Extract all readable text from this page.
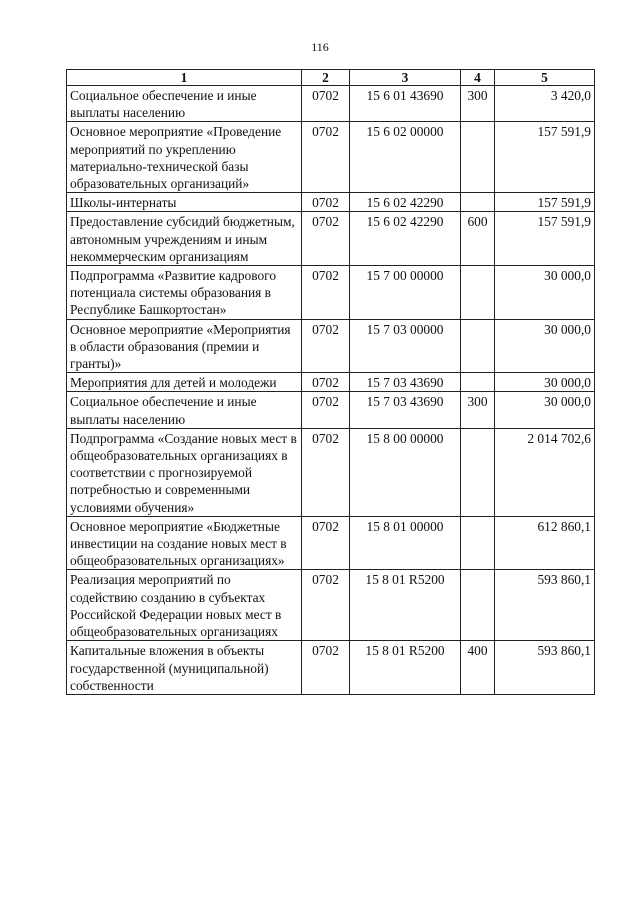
116
1	2	3	4	5
Социальное обеспечение и иные выплаты населению	0702	15 6 01 43690	300	3 420,0
Основное мероприятие «Проведение мероприятий по укреплению материально-технической базы образовательных организаций»	0702	15 6 02 00000		157 591,9
Школы-интернаты	0702	15 6 02 42290		157 591,9
Предоставление субсидий бюджетным, автономным учреждениям и иным некоммерческим организациям	0702	15 6 02 42290	600	157 591,9
Подпрограмма «Развитие кадрового потенциала системы образования в Республике Башкортостан»	0702	15 7 00 00000		30 000,0
Основное мероприятие «Мероприятия в области образования (премии и гранты)»	0702	15 7 03 00000		30 000,0
Мероприятия для детей и молодежи	0702	15 7 03 43690		30 000,0
Социальное обеспечение и иные выплаты населению	0702	15 7 03 43690	300	30 000,0
Подпрограмма «Создание новых мест в общеобразовательных организациях в соответствии с прогнозируемой потребностью и современными условиями обучения»	0702	15 8 00 00000		2 014 702,6
Основное мероприятие «Бюджетные инвестиции на создание новых мест в общеобразовательных организациях»	0702	15 8 01 00000		612 860,1
Реализация мероприятий по содействию созданию в субъектах Российской Федерации новых мест в общеобразовательных организациях	0702	15 8 01 R5200		593 860,1
Капитальные вложения в объекты государственной (муниципальной) собственности	0702	15 8 01 R5200	400	593 860,1
